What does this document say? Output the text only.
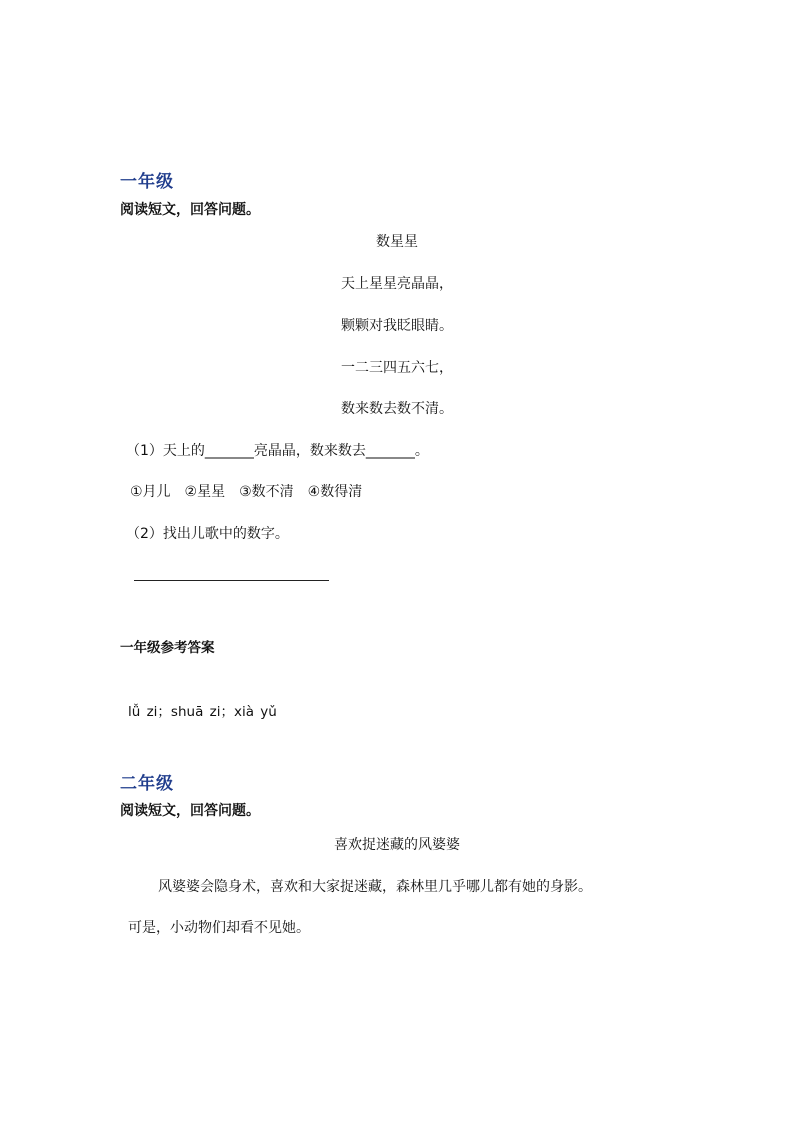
一年级
阅读短文，回答问题。
数星星
天上星星亮晶晶，
颗颗对我眨眼睛。
一二三四五六七，
数来数去数不清。
（1）天上的_______亮晶晶，数来数去_______。
①月儿　②星星　③数不清　④数得清
（2）找出儿歌中的数字。
一年级参考答案
lǚ zi；shuā zi；xià yǔ
二年级
阅读短文，回答问题。
喜欢捉迷藏的风婆婆
风婆婆会隐身术，喜欢和大家捉迷藏，森林里几乎哪儿都有她的身影。
可是，小动物们却看不见她。
